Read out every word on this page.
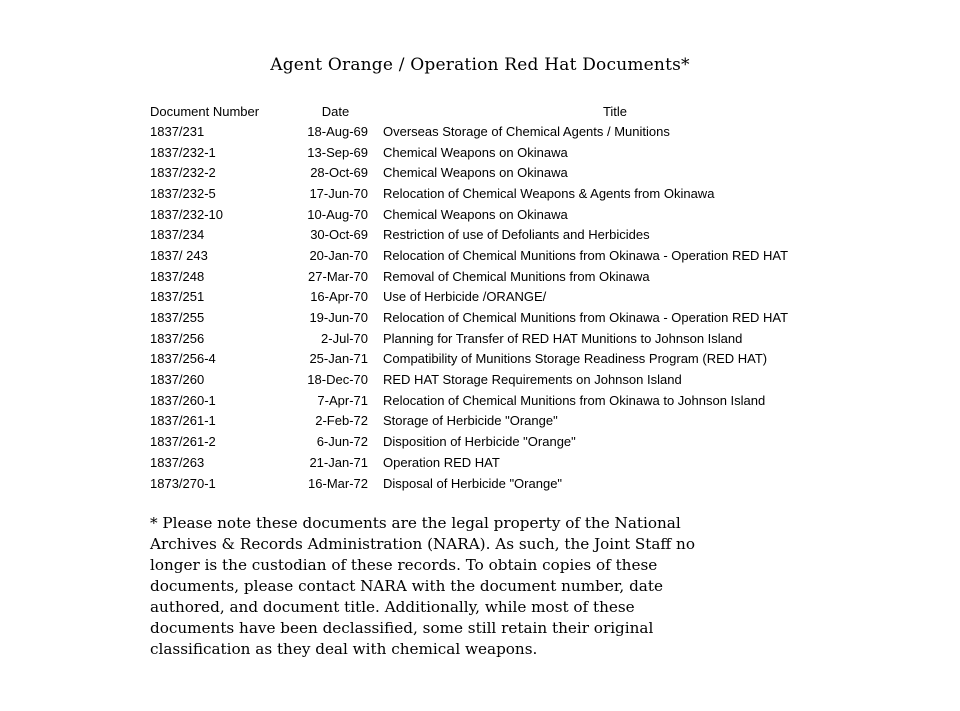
Agent Orange / Operation Red Hat Documents*
Document Number	Date	Title
1837/231	18-Aug-69	Overseas Storage of Chemical Agents / Munitions
1837/232-1	13-Sep-69	Chemical Weapons on Okinawa
1837/232-2	28-Oct-69	Chemical Weapons on Okinawa
1837/232-5	17-Jun-70	Relocation of Chemical Weapons & Agents from Okinawa
1837/232-10	10-Aug-70	Chemical Weapons on Okinawa
1837/234	30-Oct-69	Restriction of use of Defoliants and Herbicides
1837/ 243	20-Jan-70	Relocation of Chemical Munitions from Okinawa - Operation RED HAT
1837/248	27-Mar-70	Removal of Chemical Munitions from Okinawa
1837/251	16-Apr-70	Use of Herbicide /ORANGE/
1837/255	19-Jun-70	Relocation of Chemical Munitions from Okinawa - Operation RED HAT
1837/256	2-Jul-70	Planning for Transfer of RED HAT Munitions to Johnson Island
1837/256-4	25-Jan-71	Compatibility of Munitions Storage Readiness Program (RED HAT)
1837/260	18-Dec-70	RED HAT Storage Requirements on Johnson Island
1837/260-1	7-Apr-71	Relocation of Chemical Munitions from Okinawa to Johnson Island
1837/261-1	2-Feb-72	Storage of Herbicide "Orange"
1837/261-2	6-Jun-72	Disposition of Herbicide "Orange"
1837/263	21-Jan-71	Operation RED HAT
1873/270-1	16-Mar-72	Disposal of Herbicide "Orange"
* Please note these documents are the legal property of the National
Archives & Records Administration (NARA). As such, the Joint Staff no
longer is the custodian of these records. To obtain copies of these
documents, please contact NARA with the document number, date
authored, and document title. Additionally, while most of these
documents have been declassified, some still retain their original
classification as they deal with chemical weapons.
